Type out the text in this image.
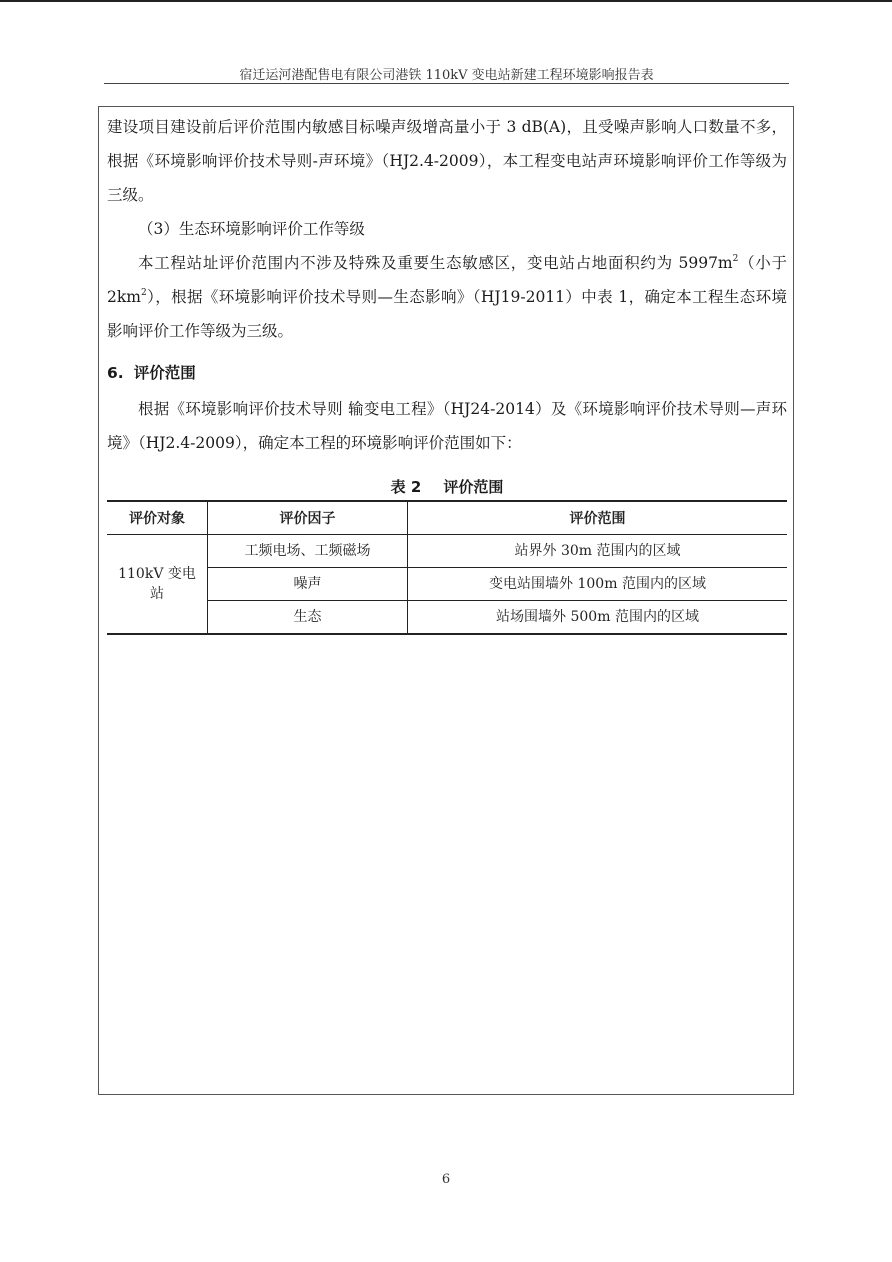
宿迁运河港配售电有限公司港铁 110kV 变电站新建工程环境影响报告表

建设项目建设前后评价范围内敏感目标噪声级增高量小于 3 dB(A)，且受噪声影响人口数量不多，根据《环境影响评价技术导则-声环境》（HJ2.4-2009），本工程变电站声环境影响评价工作等级为三级。

（3）生态环境影响评价工作等级

本工程站址评价范围内不涉及特殊及重要生态敏感区，变电站占地面积约为 $5997m^2$（小于 $2km^2$），根据《环境影响评价技术导则—生态影响》（HJ19-2011）中表 1，确定本工程生态环境影响评价工作等级为三级。

6. 评价范围

根据《环境影响评价技术导则 输变电工程》（HJ24-2014）及《环境影响评价技术导则—声环境》（HJ2.4-2009），确定本工程的环境影响评价范围如下：

表 2 评价范围
评价对象	评价因子	评价范围
110kV 变电站	工频电场、工频磁场	站界外 30m 范围内的区域
	噪声	变电站围墙外 100m 范围内的区域
	生态	站场围墙外 500m 范围内的区域
6
